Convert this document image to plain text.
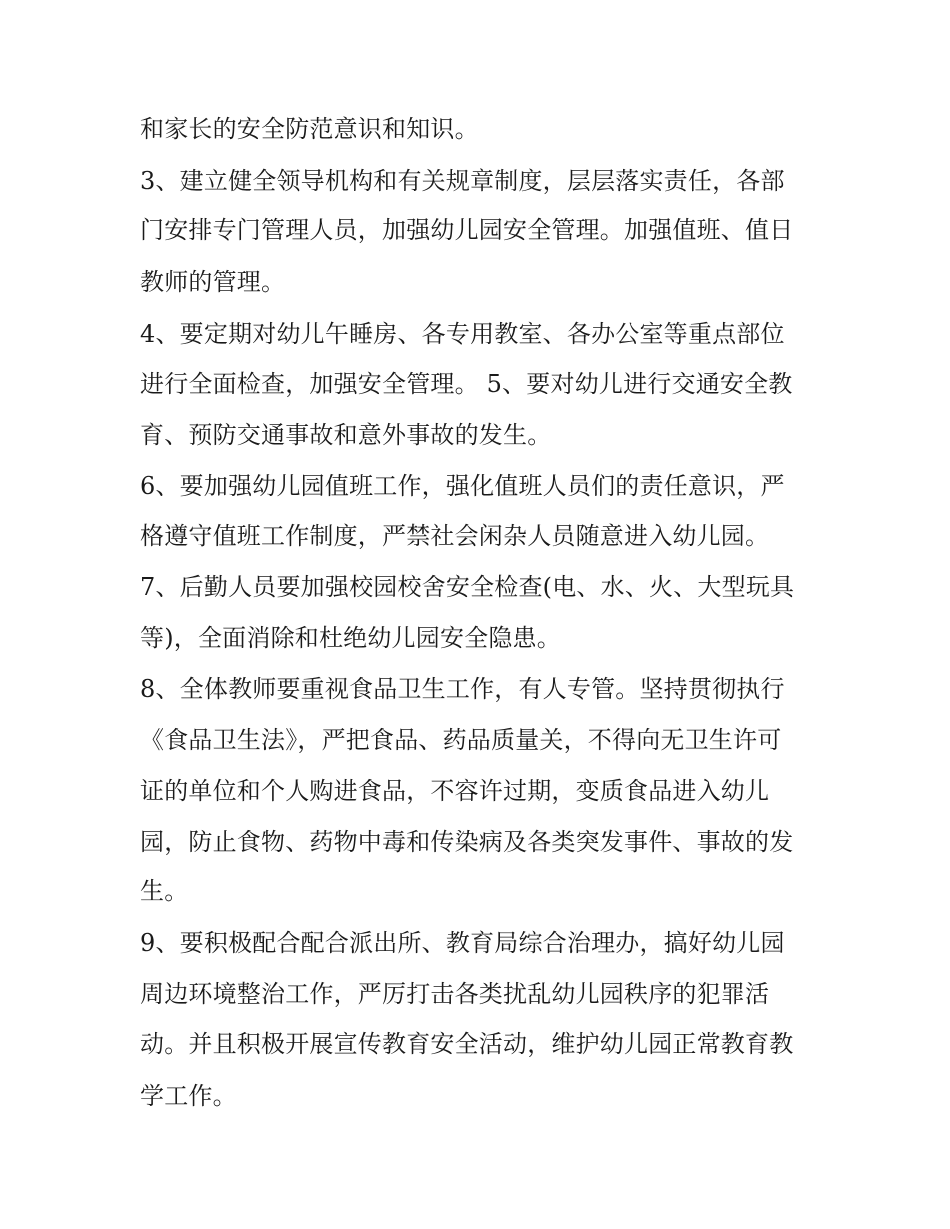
和家长的安全防范意识和知识。

3、建立健全领导机构和有关规章制度，层层落实责任，各部

门安排专门管理人员，加强幼儿园安全管理。加强值班、值日

教师的管理。

4、要定期对幼儿午睡房、各专用教室、各办公室等重点部位

进行全面检查，加强安全管理。 5、要对幼儿进行交通安全教

育、预防交通事故和意外事故的发生。

6、要加强幼儿园值班工作，强化值班人员们的责任意识，严

格遵守值班工作制度，严禁社会闲杂人员随意进入幼儿园。

7、后勤人员要加强校园校舍安全检查(电、水、火、大型玩具

等)，全面消除和杜绝幼儿园安全隐患。

8、全体教师要重视食品卫生工作，有人专管。坚持贯彻执行

《食品卫生法》，严把食品、药品质量关，不得向无卫生许可

证的单位和个人购进食品，不容许过期，变质食品进入幼儿

园，防止食物、药物中毒和传染病及各类突发事件、事故的发

生。

9、要积极配合配合派出所、教育局综合治理办，搞好幼儿园

周边环境整治工作，严厉打击各类扰乱幼儿园秩序的犯罪活

动。并且积极开展宣传教育安全活动，维护幼儿园正常教育教

学工作。
